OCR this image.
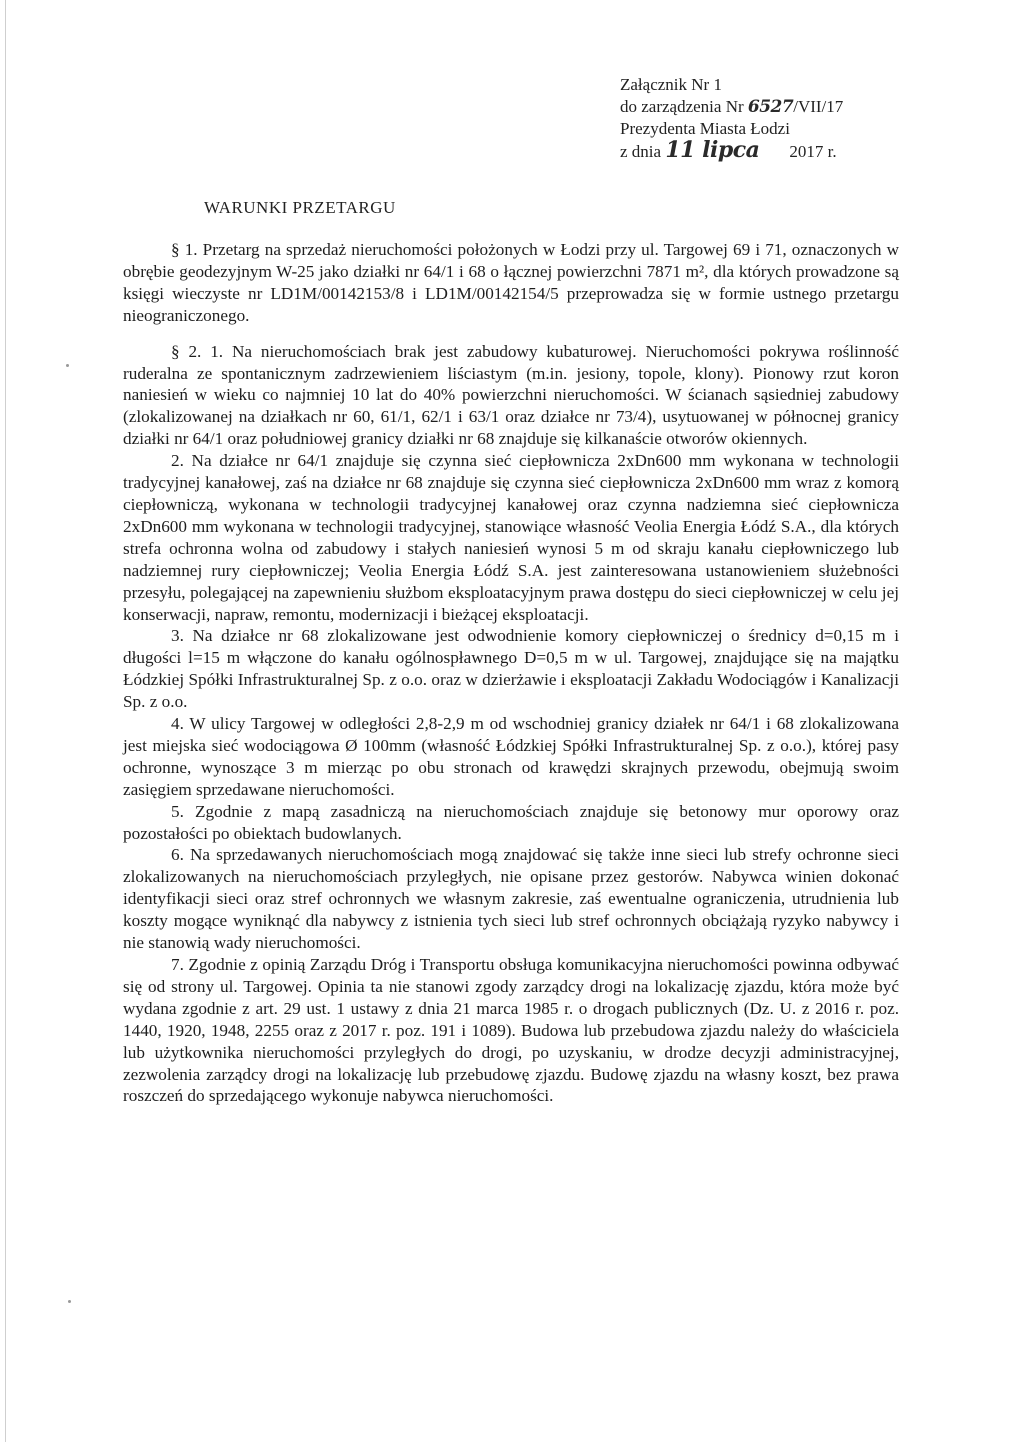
Załącznik Nr 1
do zarządzenia Nr 6527/VII/17
Prezydenta Miasta Łodzi
z dnia 11 lipca 2017 r.
WARUNKI PRZETARGU

§ 1. Przetarg na sprzedaż nieruchomości położonych w Łodzi przy ul. Targowej 69 i 71, oznaczonych w obrębie geodezyjnym W-25 jako działki nr 64/1 i 68 o łącznej powierzchni 7871 m², dla których prowadzone są księgi wieczyste nr LD1M/00142153/8 i LD1M/00142154/5 przeprowadza się w formie ustnego przetargu nieograniczonego.

§ 2. 1. Na nieruchomościach brak jest zabudowy kubaturowej. Nieruchomości pokrywa roślinność ruderalna ze spontanicznym zadrzewieniem liściastym (m.in. jesiony, topole, klony). Pionowy rzut koron naniesień w wieku co najmniej 10 lat do 40% powierzchni nieruchomości. W ścianach sąsiedniej zabudowy (zlokalizowanej na działkach nr 60, 61/1, 62/1 i 63/1 oraz działce nr 73/4), usytuowanej w północnej granicy działki nr 64/1 oraz południowej granicy działki nr 68 znajduje się kilkanaście otworów okiennych.

2. Na działce nr 64/1 znajduje się czynna sieć ciepłownicza 2xDn600 mm wykonana w technologii tradycyjnej kanałowej, zaś na działce nr 68 znajduje się czynna sieć ciepłownicza 2xDn600 mm wraz z komorą ciepłowniczą, wykonana w technologii tradycyjnej kanałowej oraz czynna nadziemna sieć ciepłownicza 2xDn600 mm wykonana w technologii tradycyjnej, stanowiące własność Veolia Energia Łódź S.A., dla których strefa ochronna wolna od zabudowy i stałych naniesień wynosi 5 m od skraju kanału ciepłowniczego lub nadziemnej rury ciepłowniczej; Veolia Energia Łódź S.A. jest zainteresowana ustanowieniem służebności przesyłu, polegającej na zapewnieniu służbom eksploatacyjnym prawa dostępu do sieci ciepłowniczej w celu jej konserwacji, napraw, remontu, modernizacji i bieżącej eksploatacji.

3. Na działce nr 68 zlokalizowane jest odwodnienie komory ciepłowniczej o średnicy d=0,15 m i długości l=15 m włączone do kanału ogólnospławnego D=0,5 m w ul. Targowej, znajdujące się na majątku Łódzkiej Spółki Infrastrukturalnej Sp. z o.o. oraz w dzierżawie i eksploatacji Zakładu Wodociągów i Kanalizacji Sp. z o.o.

4. W ulicy Targowej w odległości 2,8-2,9 m od wschodniej granicy działek nr 64/1 i 68 zlokalizowana jest miejska sieć wodociągowa Ø 100mm (własność Łódzkiej Spółki Infrastrukturalnej Sp. z o.o.), której pasy ochronne, wynoszące 3 m mierząc po obu stronach od krawędzi skrajnych przewodu, obejmują swoim zasięgiem sprzedawane nieruchomości.

5. Zgodnie z mapą zasadniczą na nieruchomościach znajduje się betonowy mur oporowy oraz pozostałości po obiektach budowlanych.

6. Na sprzedawanych nieruchomościach mogą znajdować się także inne sieci lub strefy ochronne sieci zlokalizowanych na nieruchomościach przyległych, nie opisane przez gestorów. Nabywca winien dokonać identyfikacji sieci oraz stref ochronnych we własnym zakresie, zaś ewentualne ograniczenia, utrudnienia lub koszty mogące wyniknąć dla nabywcy z istnienia tych sieci lub stref ochronnych obciążają ryzyko nabywcy i nie stanowią wady nieruchomości.

7. Zgodnie z opinią Zarządu Dróg i Transportu obsługa komunikacyjna nieruchomości powinna odbywać się od strony ul. Targowej. Opinia ta nie stanowi zgody zarządcy drogi na lokalizację zjazdu, która może być wydana zgodnie z art. 29 ust. 1 ustawy z dnia 21 marca 1985 r. o drogach publicznych (Dz. U. z 2016 r. poz. 1440, 1920, 1948, 2255 oraz z 2017 r. poz. 191 i 1089). Budowa lub przebudowa zjazdu należy do właściciela lub użytkownika nieruchomości przyległych do drogi, po uzyskaniu, w drodze decyzji administracyjnej, zezwolenia zarządcy drogi na lokalizację lub przebudowę zjazdu. Budowę zjazdu na własny koszt, bez prawa roszczeń do sprzedającego wykonuje nabywca nieruchomości.
